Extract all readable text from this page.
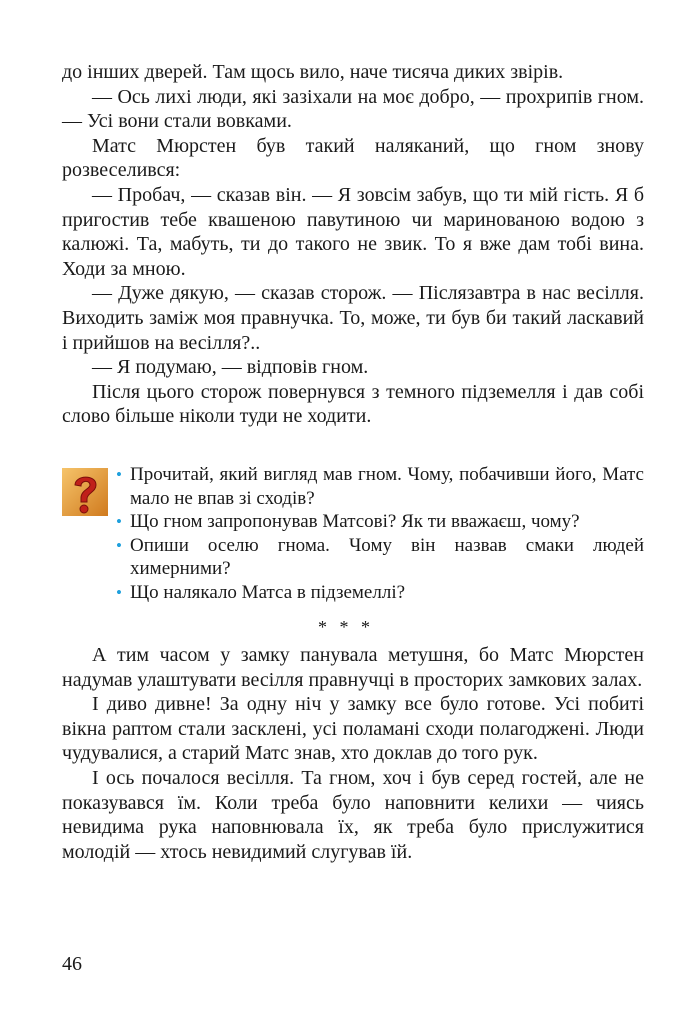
до інших дверей. Там щось вило, наче тисяча диких звірів.

— Ось лихі люди, які зазіхали на моє добро, — прохрипів гном. — Усі вони стали вовками.

Матс Мюрстен був такий наляканий, що гном знову розвеселився:

— Пробач, — сказав він. — Я зовсім забув, що ти мій гість. Я б пригостив тебе квашеною павутиною чи маринованою водою з калюжі. Та, мабуть, ти до такого не звик. То я вже дам тобі вина. Ходи за мною.

— Дуже дякую, — сказав сторож. — Післязавтра в нас весілля. Виходить заміж моя правнучка. То, може, ти був би такий ласкавий і прийшов на весілля?..

— Я подумаю, — відповів гном.

Після цього сторож повернувся з темного підземелля і дав собі слово більше ніколи туди не ходити.

• Прочитай, який вигляд мав гном. Чому, побачивши його, Матс мало не впав зі сходів?
• Що гном запропонував Матсові? Як ти вважаєш, чому?
• Опиши оселю гнома. Чому він назвав смаки людей химерними?
• Що налякало Матса в підземеллі?
* * *

А тим часом у замку панувала метушня, бо Матс Мюрстен надумав улаштувати весілля правнучці в просторих замкових залах.

І диво дивне! За одну ніч у замку все було готове. Усі побиті вікна раптом стали засклені, усі поламані сходи полагоджені. Люди чудувалися, а старий Матс знав, хто доклав до того рук.

І ось почалося весілля. Та гном, хоч і був серед гостей, але не показувався їм. Коли треба було наповнити келихи — чиясь невидима рука наповнювала їх, як треба було прислужитися молодій — хтось невидимий слугував їй.

46
